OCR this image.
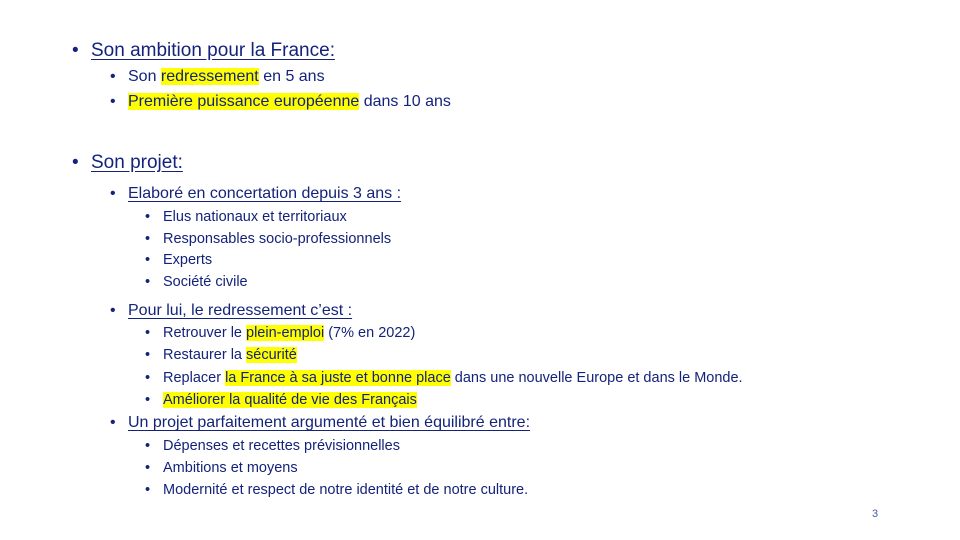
• Son ambition pour la France:
• Son redressement en 5 ans
• Première puissance européenne dans 10 ans
• Son projet:
• Elaboré en concertation depuis 3 ans :
• Elus nationaux et territoriaux
• Responsables socio-professionnels
• Experts
• Société civile
• Pour lui, le redressement c’est :
• Retrouver le plein-emploi (7% en 2022)
• Restaurer la sécurité
• Replacer la France à sa juste et bonne place dans une nouvelle Europe et dans le Monde.
• Améliorer la qualité de vie des Français
• Un projet parfaitement argumenté et bien équilibré entre:
• Dépenses et recettes prévisionnelles
• Ambitions et moyens
• Modernité et respect de notre identité et de notre culture.
3
